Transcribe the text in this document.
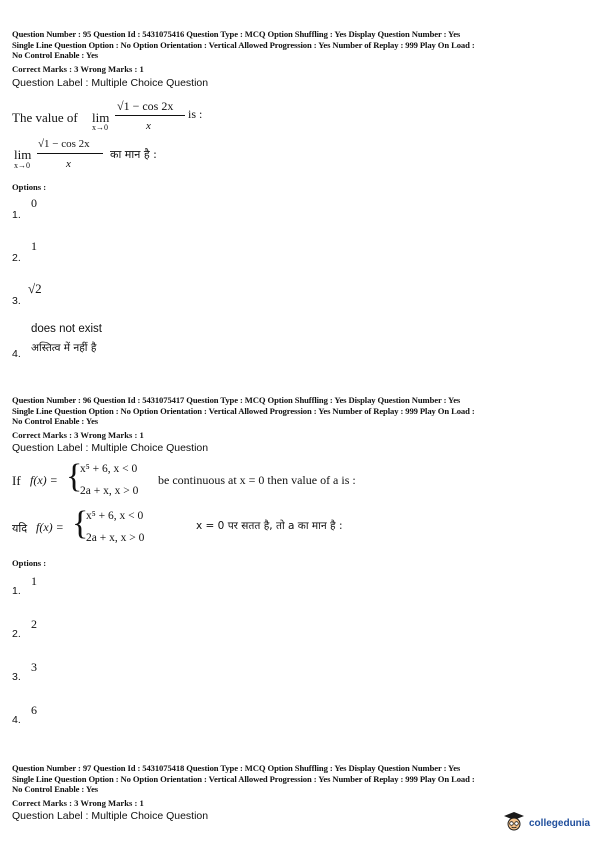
Question Number : 95 Question Id : 5431075416 Question Type : MCQ Option Shuffling : Yes Display Question Number : Yes
Single Line Question Option : No Option Orientation : Vertical Allowed Progression : Yes Number of Replay : 999 Play On Load :
No Control Enable : Yes
Correct Marks : 3 Wrong Marks : 1
Question Label : Multiple Choice Question
The value of lim
x→0
√1 − cos 2x
x
is :
lim
x→0
√1 − cos 2x
x
का मान है :
Options :
1.
0
2.
1
3.
√2
4.
does not exist
अस्तित्व में नहीं है
Question Number : 96 Question Id : 5431075417 Question Type : MCQ Option Shuffling : Yes Display Question Number : Yes
Single Line Question Option : No Option Orientation : Vertical Allowed Progression : Yes Number of Replay : 999 Play On Load :
No Control Enable : Yes
Correct Marks : 3 Wrong Marks : 1
Question Label : Multiple Choice Question
If f(x) = {
x⁵ + 6, x < 0
2a + x, x > 0
be continuous at x = 0 then value of a is :
यदि f(x) = {
x⁵ + 6, x < 0
2a + x, x > 0
x = 0 पर सतत है, तो a का मान है :
Options :
1.
1
2.
2
3.
3
4.
6
Question Number : 97 Question Id : 5431075418 Question Type : MCQ Option Shuffling : Yes Display Question Number : Yes
Single Line Question Option : No Option Orientation : Vertical Allowed Progression : Yes Number of Replay : 999 Play On Load :
No Control Enable : Yes
Correct Marks : 3 Wrong Marks : 1
Question Label : Multiple Choice Question
collegedunia
